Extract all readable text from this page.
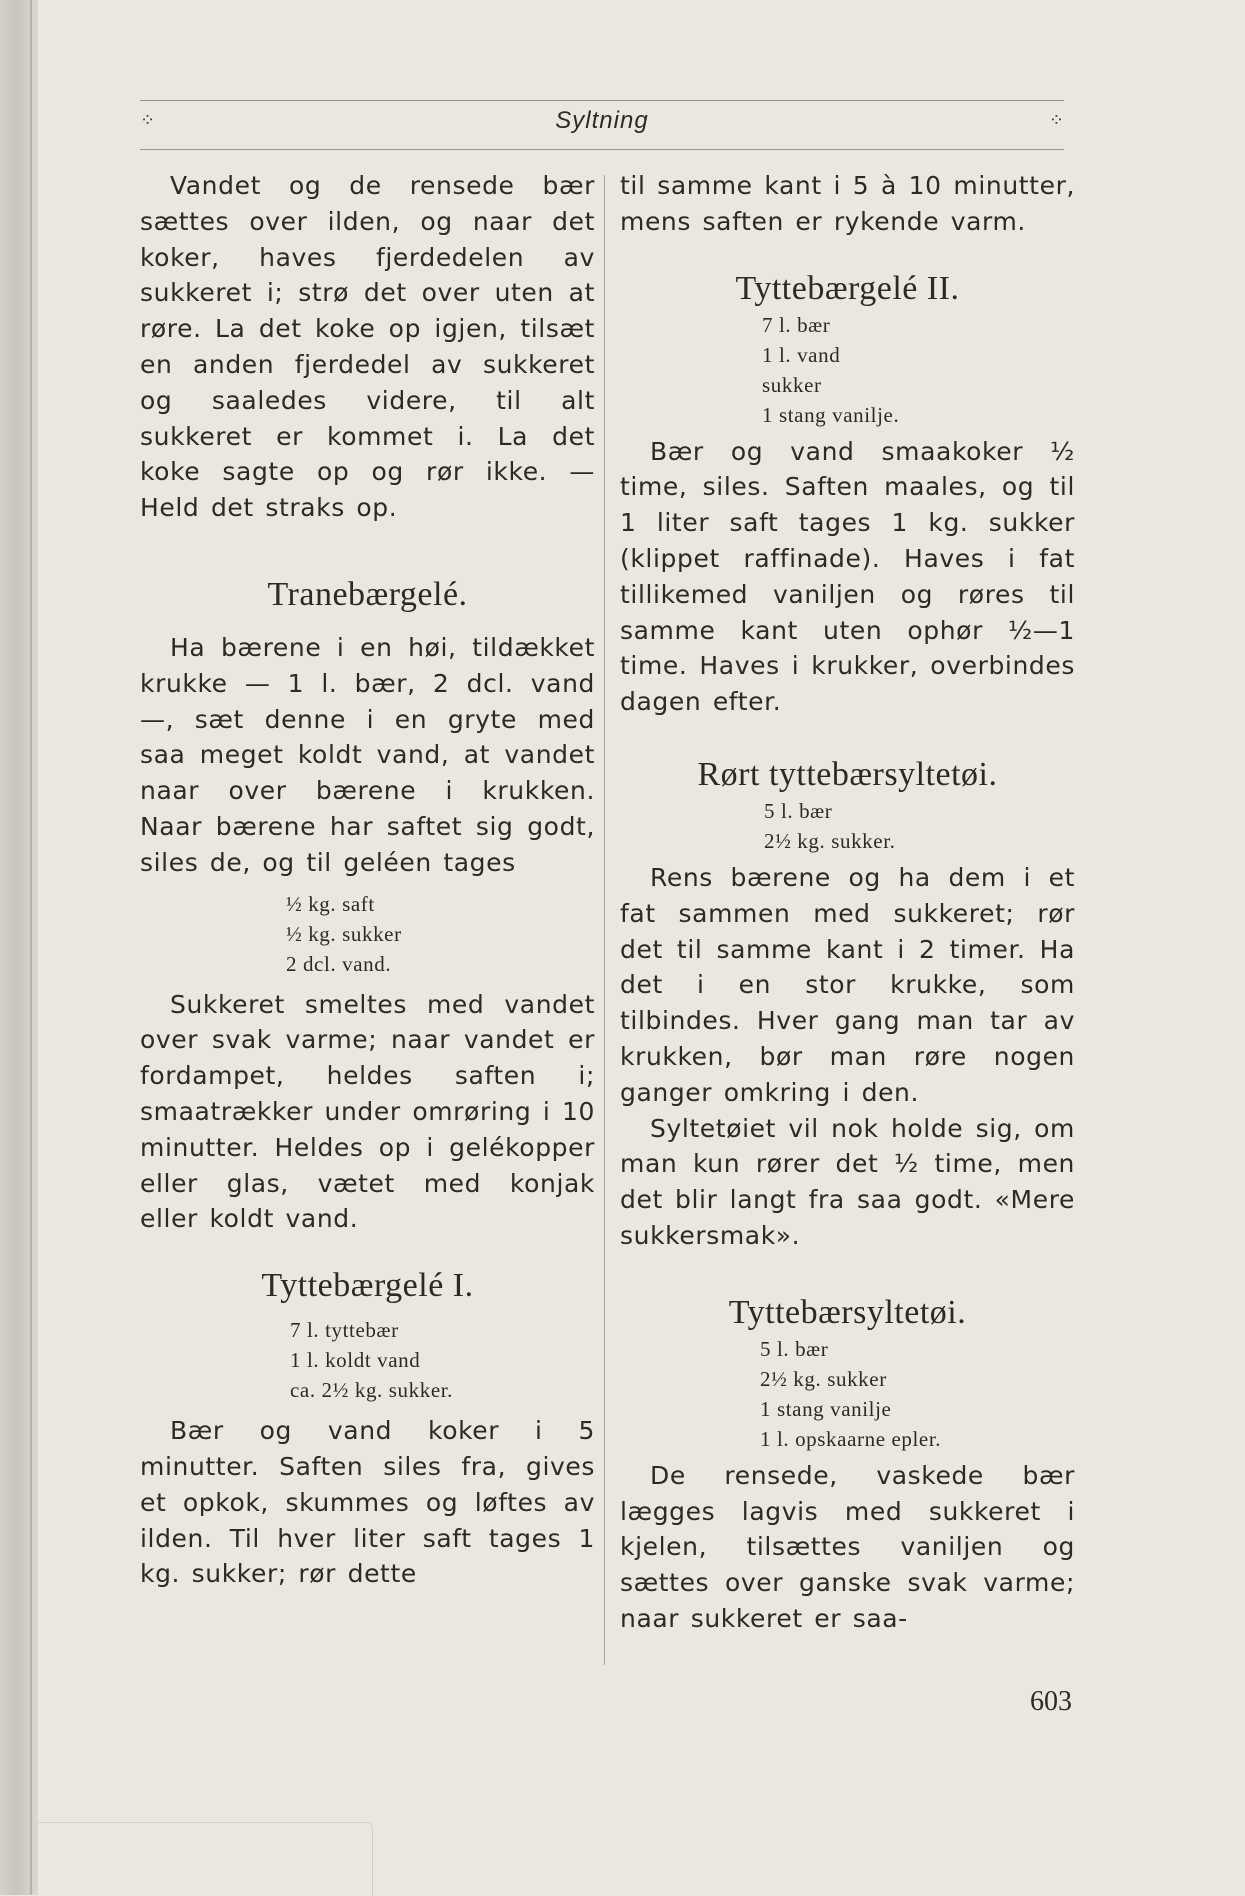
⁘	Syltning	⁘

Vandet og de rensede bær sættes over ilden, og naar det koker, haves fjerdedelen av sukkeret i; strø det over uten at røre. La det koke op igjen, tilsæt en anden fjerdedel av sukkeret og saaledes videre, til alt sukkeret er kommet i. La det koke sagte op og rør ikke. — Held det straks op.

Tranebærgelé.

Ha bærene i en høi, tildækket krukke — 1 l. bær, 2 dcl. vand —, sæt denne i en gryte med saa meget koldt vand, at vandet naar over bærene i krukken. Naar bærene har saftet sig godt, siles de, og til geléen tages

½ kg. saft
½ kg. sukker
2 dcl. vand.

Sukkeret smeltes med vandet over svak varme; naar vandet er fordampet, heldes saften i; smaatrækker under omrøring i 10 minutter. Heldes op i gelékopper eller glas, vætet med konjak eller koldt vand.

Tyttebærgelé I.
7 l. tyttebær
1 l. koldt vand
ca. 2½ kg. sukker.

Bær og vand koker i 5 minutter. Saften siles fra, gives et opkok, skummes og løftes av ilden. Til hver liter saft tages 1 kg. sukker; rør dette

til samme kant i 5 à 10 minutter, mens saften er rykende varm.

Tyttebærgelé II.
7 l. bær
1 l. vand
sukker
1 stang vanilje.

Bær og vand smaakoker ½ time, siles. Saften maales, og til 1 liter saft tages 1 kg. sukker (klippet raffinade). Haves i fat tillikemed vaniljen og røres til samme kant uten ophør ½—1 time. Haves i krukker, overbindes dagen efter.

Rørt tyttebærsyltetøi.
5 l. bær
2½ kg. sukker.

Rens bærene og ha dem i et fat sammen med sukkeret; rør det til samme kant i 2 timer. Ha det i en stor krukke, som tilbindes. Hver gang man tar av krukken, bør man røre nogen ganger omkring i den.

Syltetøiet vil nok holde sig, om man kun rører det ½ time, men det blir langt fra saa godt. «Mere sukkersmak».

Tyttebærsyltetøi.
5 l. bær
2½ kg. sukker
1 stang vanilje
1 l. opskaarne epler.

De rensede, vaskede bær lægges lagvis med sukkeret i kjelen, tilsættes vaniljen og sættes over ganske svak varme; naar sukkeret er saa-

603
